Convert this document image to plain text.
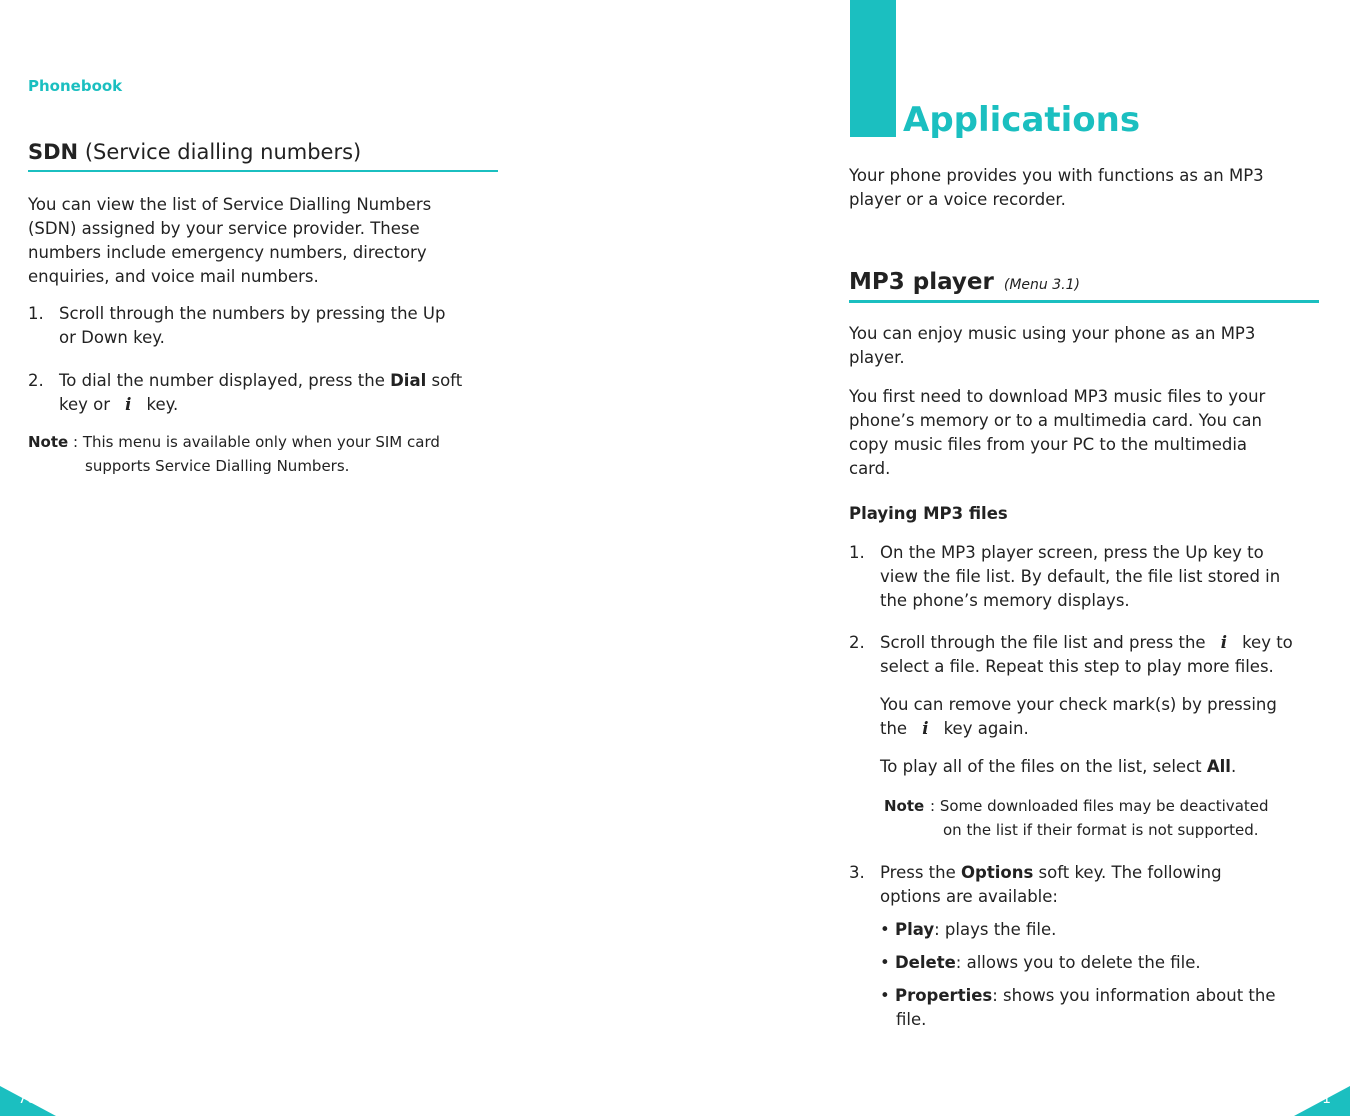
Phonebook
SDN (Service dialling numbers)

You can view the list of Service Dialling Numbers (SDN) assigned by your service provider. These numbers include emergency numbers, directory enquiries, and voice mail numbers.

1. Scroll through the numbers by pressing the Up
or Down key.
2. To dial the number displayed, press the Dial soft
key or i key.
Note : This menu is available only when your SIM card
supports Service Dialling Numbers.
70
Applications
Your phone provides you with functions as an MP3
player or a voice recorder.
MP3 player (Menu 3.1)
You can enjoy music using your phone as an MP3
player.
You first need to download MP3 music files to your
phone’s memory or to a multimedia card. You can
copy music files from your PC to the multimedia
card.
Playing MP3 files
1. On the MP3 player screen, press the Up key to
view the file list. By default, the file list stored in
the phone’s memory displays.
2. Scroll through the file list and press the i key to
select a file. Repeat this step to play more files.
You can remove your check mark(s) by pressing
the i key again.
To play all of the files on the list, select All.
Note : Some downloaded files may be deactivated
on the list if their format is not supported.
3. Press the Options soft key. The following
options are available:
• Play: plays the file.
• Delete: allows you to delete the file.
• Properties: shows you information about the
file.
71
